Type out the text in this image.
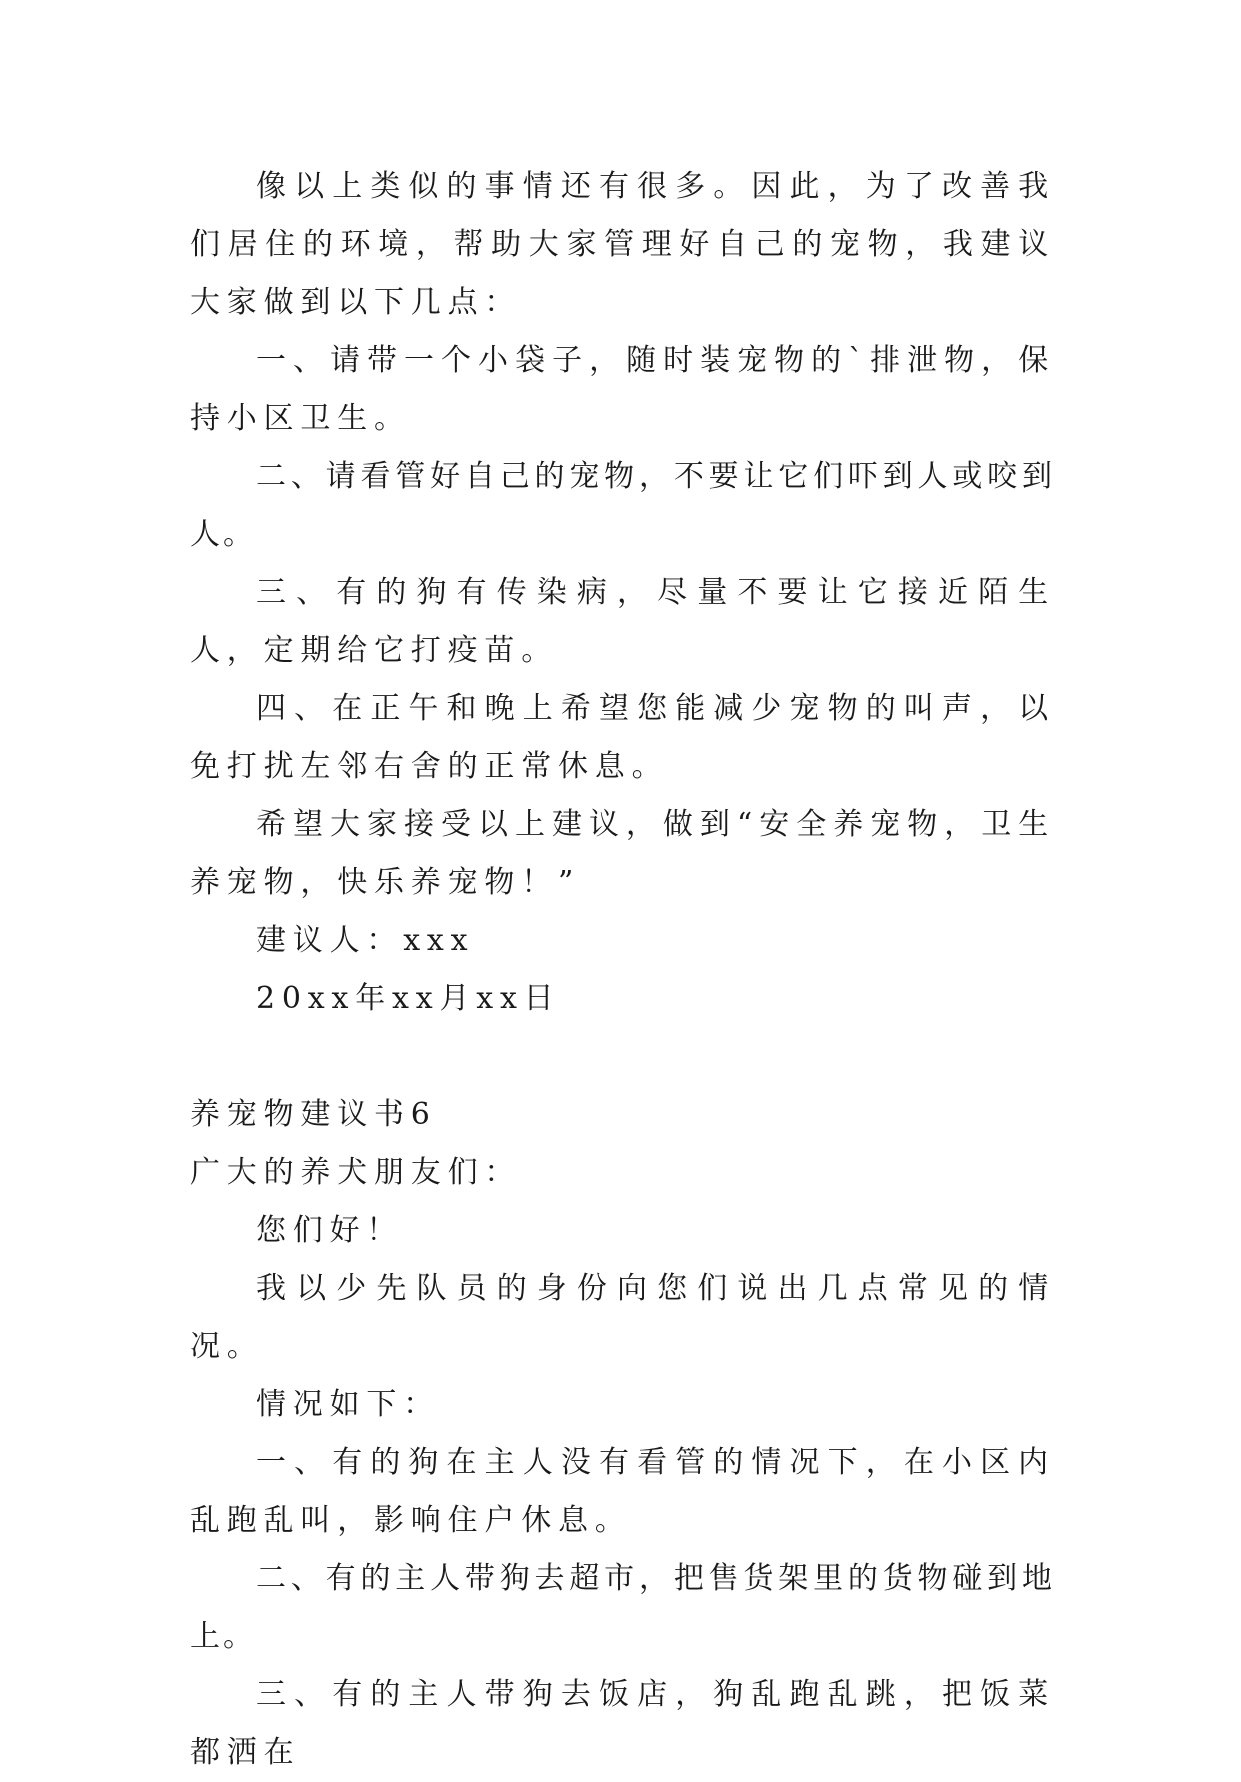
像以上类似的事情还有很多。因此，为了改善我们居住的环境，帮助大家管理好自己的宠物，我建议大家做到以下几点：

一、请带一个小袋子，随时装宠物的`排泄物，保持小区卫生。

二、请看管好自己的宠物，不要让它们吓到人或咬到人。

三、有的狗有传染病，尽量不要让它接近陌生人，定期给它打疫苗。

四、在正午和晚上希望您能减少宠物的叫声，以免打扰左邻右舍的正常休息。

希望大家接受以上建议，做到“安全养宠物，卫生养宠物，快乐养宠物！”

建议人：xxx

20xx年xx月xx日

养宠物建议书6

广大的养犬朋友们：

您们好！

我以少先队员的身份向您们说出几点常见的情况。

情况如下：

一、有的狗在主人没有看管的情况下，在小区内乱跑乱叫，影响住户休息。

二、有的主人带狗去超市，把售货架里的货物碰到地上。

三、有的主人带狗去饭店，狗乱跑乱跳，把饭菜都洒在
